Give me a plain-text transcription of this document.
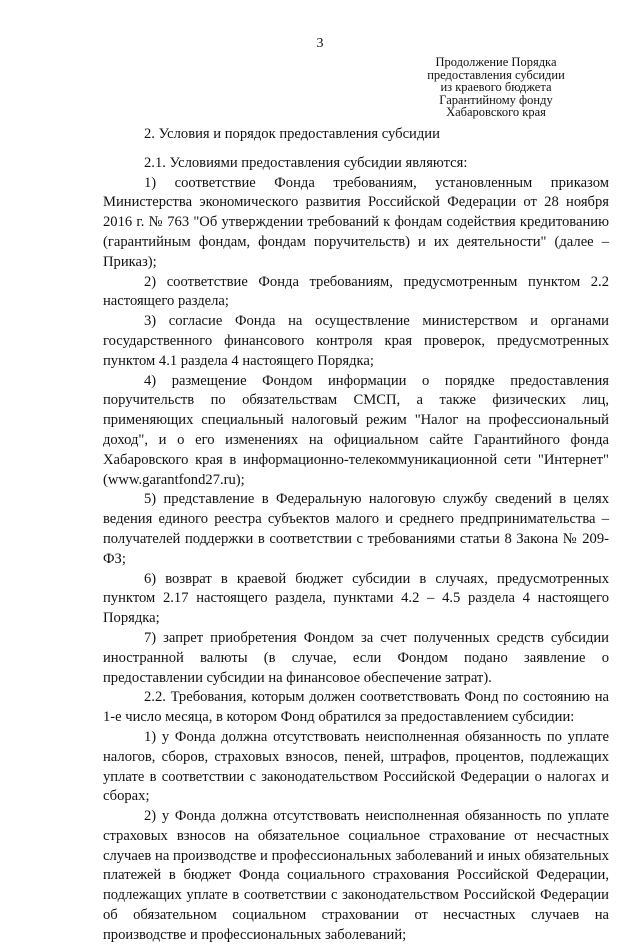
3
Продолжение Порядка
предоставления субсидии
из краевого бюджета
Гарантийному фонду
Хабаровского края
2. Условия и порядок предоставления субсидии

2.1. Условиями предоставления субсидии являются:

1) соответствие Фонда требованиям, установленным приказом Министерства экономического развития Российской Федерации от 28 ноября 2016 г. № 763 "Об утверждении требований к фондам содействия кредитованию (гарантийным фондам, фондам поручительств) и их деятельности" (далее – Приказ);

2) соответствие Фонда требованиям, предусмотренным пунктом 2.2 настоящего раздела;

3) согласие Фонда на осуществление министерством и органами государственного финансового контроля края проверок, предусмотренных пунктом 4.1 раздела 4 настоящего Порядка;

4) размещение Фондом информации о порядке предоставления поручительств по обязательствам СМСП, а также физических лиц, применяющих специальный налоговый режим "Налог на профессиональный доход", и о его изменениях на официальном сайте Гарантийного фонда Хабаровского края в информационно-телекоммуникационной сети "Интернет" (www.garantfond27.ru);

5) представление в Федеральную налоговую службу сведений в целях ведения единого реестра субъектов малого и среднего предпринимательства – получателей поддержки в соответствии с требованиями статьи 8 Закона № 209-ФЗ;

6) возврат в краевой бюджет субсидии в случаях, предусмотренных пунктом 2.17 настоящего раздела, пунктами 4.2 – 4.5 раздела 4 настоящего Порядка;

7) запрет приобретения Фондом за счет полученных средств субсидии иностранной валюты (в случае, если Фондом подано заявление о предоставлении субсидии на финансовое обеспечение затрат).

2.2. Требования, которым должен соответствовать Фонд по состоянию на 1-е число месяца, в котором Фонд обратился за предоставлением субсидии:

1) у Фонда должна отсутствовать неисполненная обязанность по уплате налогов, сборов, страховых взносов, пеней, штрафов, процентов, подлежащих уплате в соответствии с законодательством Российской Федерации о налогах и сборах;

2) у Фонда должна отсутствовать неисполненная обязанность по уплате страховых взносов на обязательное социальное страхование от несчастных случаев на производстве и профессиональных заболеваний и иных обязательных платежей в бюджет Фонда социального страхования Российской Федерации, подлежащих уплате в соответствии с законодательством Российской Федерации об обязательном социальном страховании от несчастных случаев на производстве и профессиональных заболеваний;
